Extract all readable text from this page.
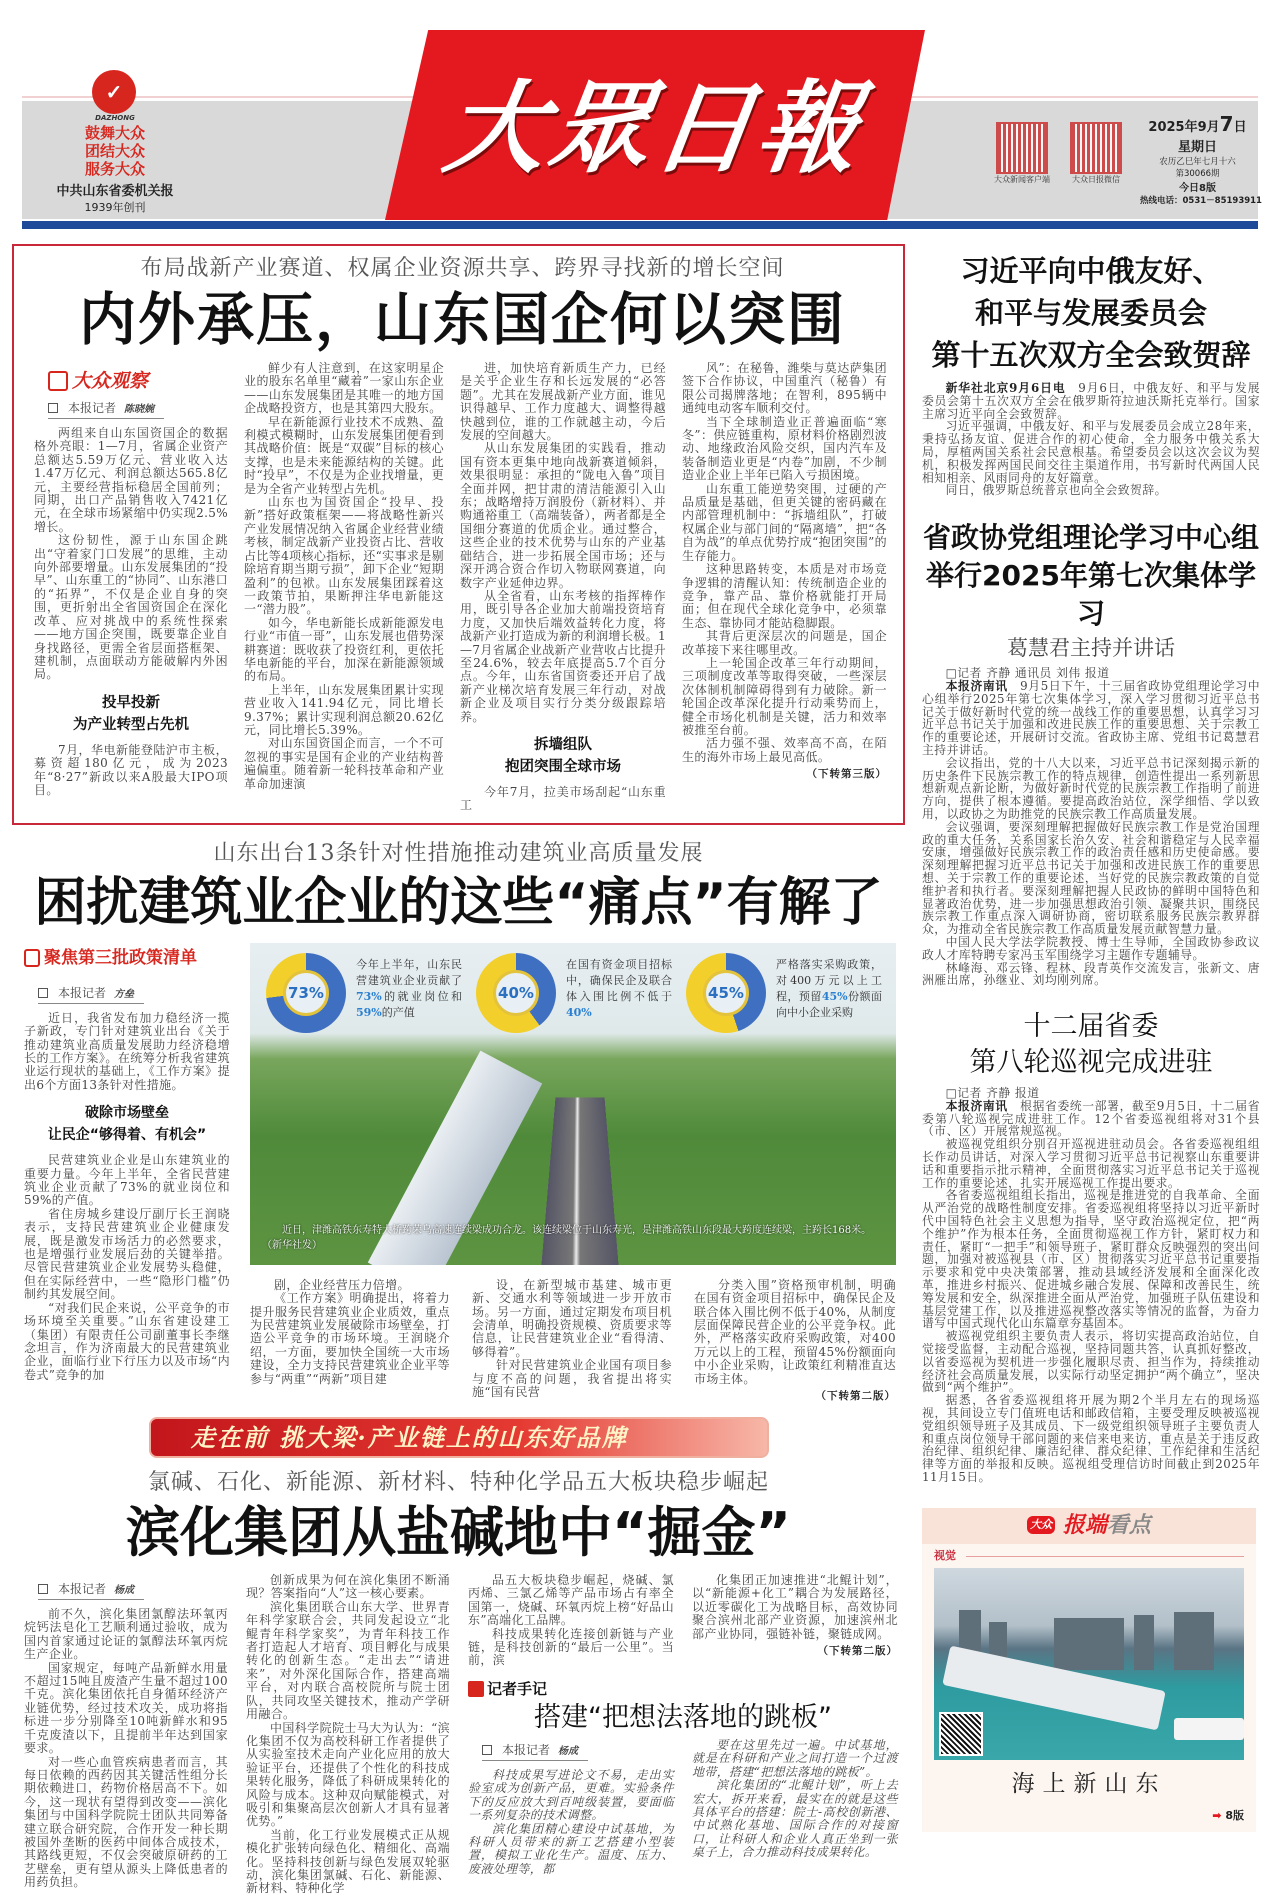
✓
DAZHONG
鼓舞大众
团结大众
服务大众
中共山东省委机关报
1939年创刊
大眾日報	大众新闻客户端	大众日报微信
2025年9月7日
星期日
农历乙巳年七月十六
第30066期
今日8版
热线电话：0531－85193911
布局战新产业赛道、权属企业资源共享、跨界寻找新的增长空间
内外承压，山东国企何以突围
大众观察
本报记者 陈晓婉

两组来自山东国资国企的数据格外亮眼：1—7月，省属企业资产总额达5.59万亿元、营业收入达1.47万亿元、利润总额达565.8亿元，主要经营指标稳居全国前列；同期，出口产品销售收入7421亿元，在全球市场紧缩中仍实现2.5%增长。

这份韧性，源于山东国企跳出“守着家门口发展”的思维，主动向外部要增量。山东发展集团的“投早”、山东重工的“协同”、山东港口的“拓界”，不仅是企业自身的突围，更折射出全省国资国企在深化改革、应对挑战中的系统性探索——地方国企突围，既要靠企业自身找路径，更需全省层面搭框架、建机制，点面联动方能破解内外困局。

投早投新
为产业转型占先机

7月，华电新能登陆沪市主板，募资超180亿元，成为2023年“8·27”新政以来A股最大IPO项目。

鲜少有人注意到，在这家明星企业的股东名单里“藏着”一家山东企业——山东发展集团是其唯一的地方国企战略投资方，也是其第四大股东。

早在新能源行业技术不成熟、盈利模式模糊时，山东发展集团便看到其战略价值：既是“双碳”目标的核心支撑，也是未来能源结构的关键。此时“投早”，不仅是为企业找增量，更是为全省产业转型占先机。

山东也为国资国企“投早、投新”搭好政策框架——将战略性新兴产业发展情况纳入省属企业经营业绩考核，制定战新产业投资占比、营收占比等4项核心指标，还“实事求是剔除培育期当期亏损”，卸下企业“短期盈利”的包袱。山东发展集团踩着这一政策节拍，果断押注华电新能这一“潜力股”。

如今，华电新能长成新能源发电行业“市值一哥”，山东发展也借势深耕赛道：既收获了投资红利，更依托华电新能的平台，加深在新能源领域的布局。

上半年，山东发展集团累计实现营业收入141.94亿元，同比增长9.37%；累计实现利润总额20.62亿元，同比增长5.39%。

对山东国资国企而言，一个不可忽视的事实是国有企业的产业结构普遍偏重。随着新一轮科技革命和产业革命加速演

进，加快培育新质生产力，已经是关乎企业生存和长远发展的“必答题”。尤其在发展战新产业方面，谁见识得越早、工作力度越大、调整得越快越到位，谁的工作就越主动，今后发展的空间越大。

从山东发展集团的实践看，推动国有资本更集中地向战新赛道倾斜，效果很明显：承担的“陇电入鲁”项目全面并网，把甘肃的清洁能源引入山东；战略增持万润股份（新材料）、并购通裕重工（高端装备），两者都是全国细分赛道的优质企业。通过整合，这些企业的技术优势与山东的产业基础结合，进一步拓展全国市场；还与深开鸿合资合作切入物联网赛道，向数字产业延伸边界。

从全省看，山东考核的指挥棒作用，既引导各企业加大前端投资培育力度，又加快后端效益转化力度，将战新产业打造成为新的利润增长极。1—7月省属企业战新产业营收占比提升至24.6%，较去年底提高5.7个百分点。今年，山东省国资委还开启了战新产业梯次培育发展三年行动，对战新企业及项目实行分类分级跟踪培养。

拆墙组队
抱团突围全球市场

今年7月，拉美市场刮起“山东重工

风”：在秘鲁，潍柴与莫达萨集团签下合作协议，中国重汽（秘鲁）有限公司揭牌落地；在智利，895辆中通纯电动客车顺利交付。

当下全球制造业正普遍面临“寒冬”：供应链重构，原材料价格剧烈波动、地缘政治风险交织，国内汽车及装备制造业更是“内卷”加剧，不少制造业企业上半年已陷入亏损困境。

山东重工能逆势突围，过硬的产品质量是基础，但更关键的密码藏在内部管理机制中：“拆墙组队”，打破权属企业与部门间的“隔离墙”，把“各自为战”的单点优势拧成“抱团突围”的生存能力。

这种思路转变，本质是对市场竞争逻辑的清醒认知：传统制造企业的竞争，靠产品、靠价格就能打开局面；但在现代全球化竞争中，必须靠生态、靠协同才能站稳脚跟。

其背后更深层次的问题是，国企改革接下来往哪里改。

上一轮国企改革三年行动期间，三项制度改革等取得突破，一些深层次体制机制障碍得到有力破除。新一轮国企改革深化提升行动乘势而上，健全市场化机制是关键，活力和效率被推至台前。

活力强不强、效率高不高，在陌生的海外市场上最见高低。

（下转第三版）
山东出台13条针对性措施推动建筑业高质量发展
困扰建筑业企业的这些“痛点”有解了
聚焦第三批政策清单
本报记者 方垒

近日，我省发布加力稳经济一揽子新政，专门针对建筑业出台《关于推动建筑业高质量发展助力经济稳增长的工作方案》。在统筹分析我省建筑业运行现状的基础上，《工作方案》提出6个方面13条针对性措施。

破除市场壁垒
让民企“够得着、有机会”

民营建筑业企业是山东建筑业的重要力量。今年上半年，全省民营建筑业企业贡献了73%的就业岗位和59%的产值。

省住房城乡建设厅副厅长王润晓表示，支持民营建筑业企业健康发展，既是激发市场活力的必然要求，也是增强行业发展后劲的关键举措。尽管民营建筑业企业发展势头稳健，但在实际经营中，一些“隐形门槛”仍制约其发展空间。

“对我们民企来说，公平竞争的市场环境至关重要。”山东省建设建工（集团）有限责任公司副董事长李继念坦言，作为济南最大的民营建筑业企业，面临行业下行压力以及市场“内卷式”竞争的加

73%
今年上半年，山东民营建筑业企业贡献了73%的就业岗位和59%的产值
40%
在国有资金项目招标中，确保民企及联合体入围比例不低于40%
45%
严格落实采购政策，对400万元以上工程，预留45%份额面向中小企业采购
近日，津潍高铁东寿特大桥跨荣乌高速连续梁成功合龙。该连续梁位于山东寿光，是津潍高铁山东段最大跨度连续梁，主跨长168米。（新华社发）

剧，企业经营压力倍增。

《工作方案》明确提出，将着力提升服务民营建筑业企业质效，重点为民营建筑业发展破除市场壁垒，打造公平竞争的市场环境。王润晓介绍，一方面，要加快全国统一大市场建设，全力支持民营建筑业企业平等参与“两重”“两新”项目建

设，在新型城市基建、城市更新、交通水利等领域进一步开放市场。另一方面，通过定期发布项目机会清单，明确投资规模、资质要求等信息，让民营建筑业企业“看得清、够得着”。

针对民营建筑业企业国有项目参与度不高的问题，我省提出将实施“国有民营

分类入围”资格预审机制，明确在国有资金项目招标中，确保民企及联合体入围比例不低于40%，从制度层面保障民营企业的公平竞争权。此外，严格落实政府采购政策，对400万元以上的工程，预留45%份额面向中小企业采购，让政策红利精准直达市场主体。

（下转第二版）
走在前 挑大梁·产业链上的山东好品牌
氯碱、石化、新能源、新材料、特种化学品五大板块稳步崛起
滨化集团从盐碱地中“掘金”
本报记者 杨成

前不久，滨化集团氯醇法环氧丙烷钙法皂化工艺顺利通过验收，成为国内首家通过论证的氯醇法环氧丙烷生产企业。

国家规定，每吨产品新鲜水用量不超过15吨且废渣产生量不超过100千克。滨化集团依托自身循环经济产业链优势，经过技术攻关，成功将指标进一步分别降至10吨新鲜水和95千克废渣以下，且提前半年达到国家要求。

对一些心血管疾病患者而言，其每日依赖的西药因其关键活性组分长期依赖进口，药物价格居高不下。如今，这一现状有望得到改变——滨化集团与中国科学院院士团队共同筹备建立联合研究院，合作开发一种长期被国外垄断的医药中间体合成技术，其路线更短，不仅会突破原研药的工艺壁垒，更有望从源头上降低患者的用药负担。

创新成果为何在滨化集团不断涌现？答案指向“人”这一核心要素。

滨化集团联合山东大学、世界青年科学家联合会，共同发起设立“北鲲青年科学家奖”，为青年科技工作者打造起人才培育、项目孵化与成果转化的创新生态。“走出去”“请进来”，对外深化国际合作，搭建高端平台，对内联合高校院所与院士团队，共同攻坚关键技术，推动产学研用融合。

中国科学院院士马大为认为：“滨化集团不仅为高校科研工作者提供了从实验室技术走向产业化应用的放大验证平台，还提供了个性化的科技成果转化服务，降低了科研成果转化的风险与成本。这种双向赋能模式，对吸引和集聚高层次创新人才具有显著优势。”

当前，化工行业发展模式正从规模化扩张转向绿色化、精细化、高端化。坚持科技创新与绿色发展双轮驱动，滨化集团氯碱、石化、新能源、新材料、特种化学

品五大板块稳步崛起，烧碱、氯丙烯、三氯乙烯等产品市场占有率全国第一，烧碱、环氧丙烷上榜“好品山东”高端化工品牌。

科技成果转化连接创新链与产业链，是科技创新的“最后一公里”。当前，滨

化集团正加速推进“北鲲计划”，以“新能源+化工”耦合为发展路径，以近零碳化工为战略目标，高效协同聚合滨州北部产业资源，加速滨州北部产业协同，强链补链，聚链成网。

（下转第二版）
记者手记
搭建“把想法落地的跳板”
本报记者 杨成

科技成果写进论文不易，走出实验室成为创新产品，更难。实验条件下的反应放大到百吨级装置，要面临一系列复杂的技术调整。

滨化集团精心建设中试基地，为科研人员带来的新工艺搭建小型装置，模拟工业化生产。温度、压力、废液处理等，都

要在这里先过一遍。中试基地，就是在科研和产业之间打造一个过渡地带，搭建“把想法落地的跳板”。

滨化集团的“北鲲计划”，听上去宏大，拆开来看，最实在的就是这些具体平台的搭建：院士-高校创新港、中试熟化基地、国际合作的对接窗口，让科研人和企业人真正坐到一张桌子上，合力推动科技成果转化。

习近平向中俄友好、
和平与发展委员会
第十五次双方全会致贺辞

新华社北京9月6日电　 9月6日，中俄友好、和平与发展委员会第十五次双方全会在俄罗斯符拉迪沃斯托克举行。国家主席习近平向全会致贺辞。

习近平强调，中俄友好、和平与发展委员会成立28年来，秉持弘扬友谊、促进合作的初心使命，全力服务中俄关系大局，厚植两国关系社会民意根基。希望委员会以这次会议为契机，积极发挥两国民间交往主渠道作用，书写新时代两国人民相知相亲、风雨同舟的友好篇章。

同日，俄罗斯总统普京也向全会致贺辞。

省政协党组理论学习中心组
举行2025年第七次集体学习
葛慧君主持并讲话

□记者 齐静 通讯员 刘伟 报道

本报济南讯　 9月5日下午，十三届省政协党组理论学习中心组举行2025年第七次集体学习，深入学习贯彻习近平总书记关于做好新时代党的统一战线工作的重要思想，认真学习习近平总书记关于加强和改进民族工作的重要思想、关于宗教工作的重要论述，开展研讨交流。省政协主席、党组书记葛慧君主持并讲话。

会议指出，党的十八大以来，习近平总书记深刻揭示新的历史条件下民族宗教工作的特点规律，创造性提出一系列新思想新观点新论断，为做好新时代党的民族宗教工作指明了前进方向，提供了根本遵循。要提高政治站位，深学细悟、学以致用，以政协之为助推党的民族宗教工作高质量发展。

会议强调，要深刻理解把握做好民族宗教工作是党治国理政的重大任务，关系国家长治久安、社会和谐稳定与人民幸福安康，增强做好民族宗教工作的政治责任感和历史使命感。要深刻理解把握习近平总书记关于加强和改进民族工作的重要思想、关于宗教工作的重要论述，当好党的民族宗教政策的自觉维护者和执行者。要深刻理解把握人民政协的鲜明中国特色和显著政治优势，进一步加强思想政治引领、凝聚共识，围绕民族宗教工作重点深入调研协商，密切联系服务民族宗教界群众，为推动全省民族宗教工作高质量发展贡献智慧力量。

中国人民大学法学院教授、博士生导师，全国政协参政议政人才库特聘专家冯玉军围绕学习主题作专题辅导。

林峰海、邓云锋、程林、段青英作交流发言，张新文、唐洲雁出席，孙继业、刘均刚列席。

十二届省委
第八轮巡视完成进驻

□记者 齐静 报道

本报济南讯　 根据省委统一部署，截至9月5日，十二届省委第八轮巡视完成进驻工作。12个省委巡视组将对31个县（市、区）开展常规巡视。

被巡视党组织分别召开巡视进驻动员会。各省委巡视组组长作动员讲话，对深入学习贯彻习近平总书记视察山东重要讲话和重要指示批示精神，全面贯彻落实习近平总书记关于巡视工作的重要论述，扎实开展巡视工作提出要求。

各省委巡视组组长指出，巡视是推进党的自我革命、全面从严治党的战略性制度安排。省委巡视组将坚持以习近平新时代中国特色社会主义思想为指导，坚守政治巡视定位，把“两个维护”作为根本任务，全面贯彻巡视工作方针，紧盯权力和责任，紧盯“一把手”和领导班子，紧盯群众反映强烈的突出问题，加强对被巡视县（市、区）贯彻落实习近平总书记重要指示要求和党中央决策部署，推动县域经济发展和全面深化改革，推进乡村振兴、促进城乡融合发展、保障和改善民生，统筹发展和安全，纵深推进全面从严治党，加强班子队伍建设和基层党建工作，以及推进巡视整改落实等情况的监督，为奋力谱写中国式现代化山东篇章夯基固本。

被巡视党组织主要负责人表示，将切实提高政治站位，自觉接受监督，主动配合巡视，坚持同题共答，认真抓好整改，以省委巡视为契机进一步强化履职尽责、担当作为，持续推动经济社会高质量发展，以实际行动坚定拥护“两个确立”，坚决做到“两个维护”。

据悉，各省委巡视组将开展为期2个半月左右的现场巡视，其间设立专门值班电话和邮政信箱，主要受理反映被巡视党组织领导班子及其成员、下一级党组织领导班子主要负责人和重点岗位领导干部问题的来信来电来访，重点是关于违反政治纪律、组织纪律、廉洁纪律、群众纪律、工作纪律和生活纪律等方面的举报和反映。巡视组受理信访时间截止到2025年11月15日。

大众 报端看点
视觉
海上新山东
➡ 8版
